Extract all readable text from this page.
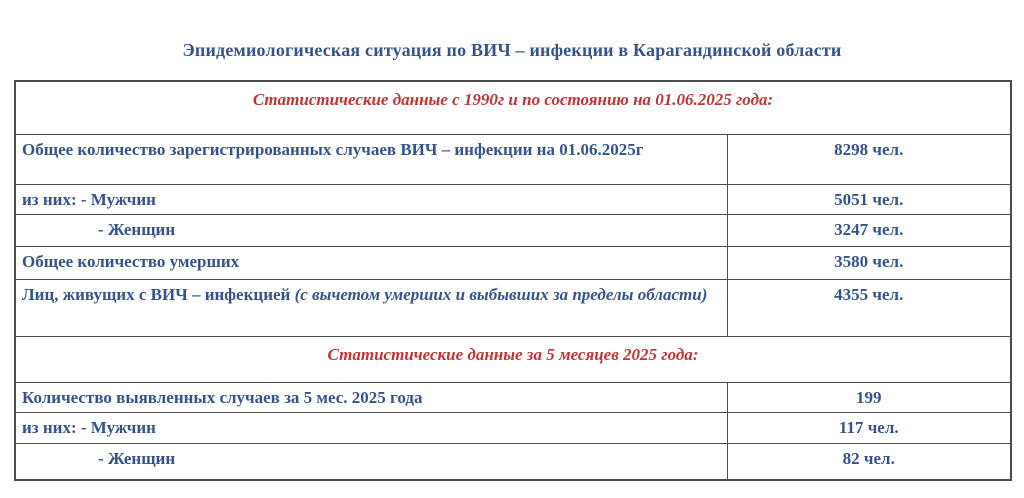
Эпидемиологическая ситуация по ВИЧ – инфекции в Карагандинской области
Статистические данные с 1990г и по состоянию на 01.06.2025 года:	
Общее количество зарегистрированных случаев ВИЧ – инфекции на 01.06.2025г	8298 чел.
из них: - Мужчин	5051 чел.
- Женщин	3247 чел.
Общее количество умерших	3580 чел.
Лиц, живущих с ВИЧ – инфекцией (с вычетом умерших и выбывших за пределы области)	4355 чел.
Статистические данные за 5 месяцев 2025 года:	
Количество выявленных случаев за 5 мес. 2025 года	199
из них: - Мужчин	117 чел.
- Женщин	82 чел.
